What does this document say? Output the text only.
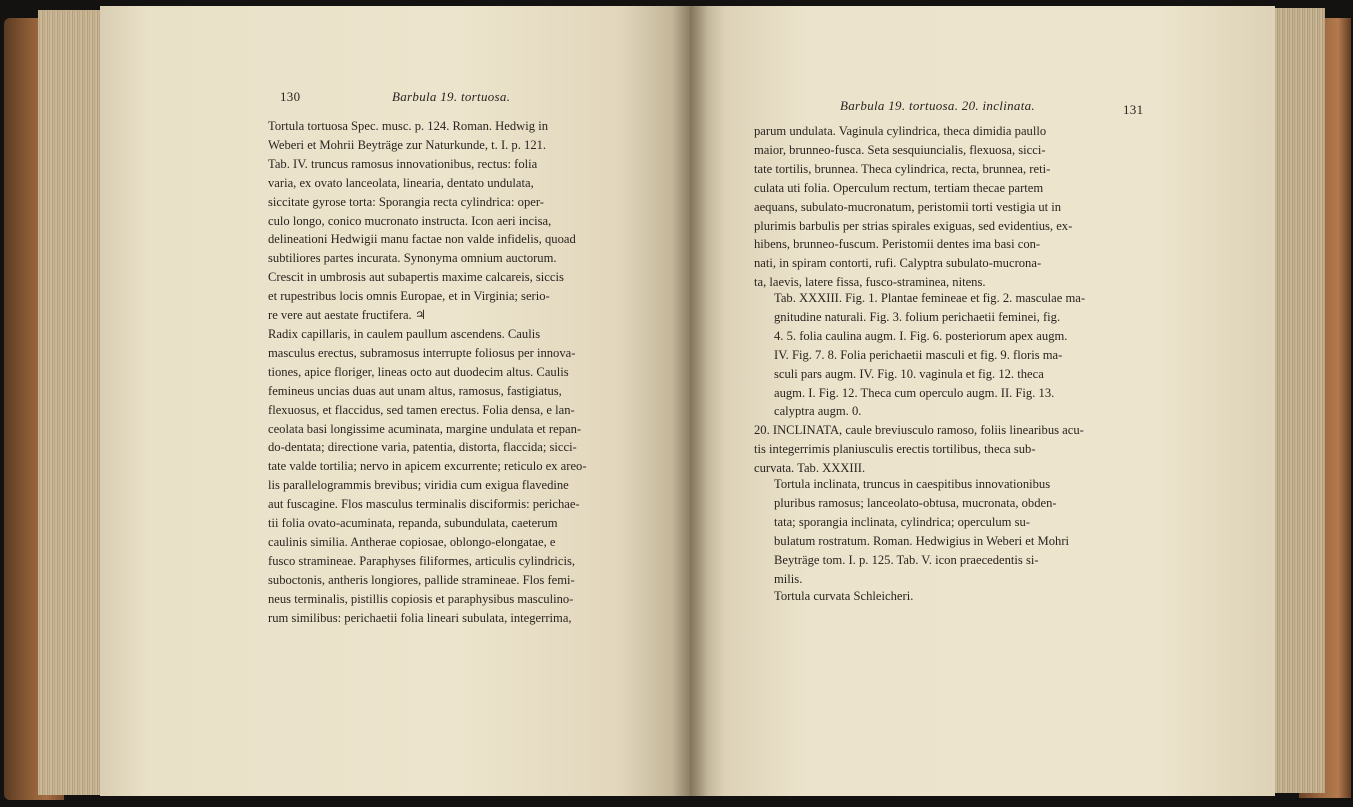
130	Barbula 19. tortuosa.
Tortula tortuosa Spec. musc. p. 124. Roman. Hedwig in
Weberi et Mohrii Beyträge zur Naturkunde, t. I. p. 121.
Tab. IV. truncus ramosus innovationibus, rectus: folia
varia, ex ovato lanceolata, linearia, dentato undulata,
siccitate gyrose torta: Sporangia recta cylindrica: oper-
culo longo, conico mucronato instructa. Icon aeri incisa,
delineationi Hedwigii manu factae non valde infidelis, quoad
subtiliores partes incurata. Synonyma omnium auctorum.
Crescit in umbrosis aut subapertis maxime calcareis, siccis
et rupestribus locis omnis Europae, et in Virginia; serio-
re vere aut aestate fructifera. ♃
Radix capillaris, in caulem paullum ascendens. Caulis
masculus erectus, subramosus interrupte foliosus per innova-
tiones, apice floriger, lineas octo aut duodecim altus. Caulis
femineus uncias duas aut unam altus, ramosus, fastigiatus,
flexuosus, et flaccidus, sed tamen erectus. Folia densa, e lan-
ceolata basi longissime acuminata, margine undulata et repan-
do-dentata; directione varia, patentia, distorta, flaccida; sicci-
tate valde tortilia; nervo in apicem excurrente; reticulo ex areo-
lis parallelogrammis brevibus; viridia cum exigua flavedine
aut fuscagine. Flos masculus terminalis disciformis: perichae-
tii folia ovato-acuminata, repanda, subundulata, caeterum
caulinis similia. Antherae copiosae, oblongo-elongatae, e
fusco stramineae. Paraphyses filiformes, articulis cylindricis,
suboctonis, antheris longiores, pallide stramineae. Flos femi-
neus terminalis, pistillis copiosis et paraphysibus masculino-
rum similibus: perichaetii folia lineari subulata, integerrima,
Barbula 19. tortuosa. 20. inclinata.	131
parum undulata. Vaginula cylindrica, theca dimidia paullo
maior, brunneo-fusca. Seta sesquiuncialis, flexuosa, sicci-
tate tortilis, brunnea. Theca cylindrica, recta, brunnea, reti-
culata uti folia. Operculum rectum, tertiam thecae partem
aequans, subulato-mucronatum, peristomii torti vestigia ut in
plurimis barbulis per strias spirales exiguas, sed evidentius, ex-
hibens, brunneo-fuscum. Peristomii dentes ima basi con-
nati, in spiram contorti, rufi. Calyptra subulato-mucrona-
ta, laevis, latere fissa, fusco-straminea, nitens.
Tab. XXXIII. Fig. 1. Plantae femineae et fig. 2. masculae ma-
gnitudine naturali. Fig. 3. folium perichaetii feminei, fig.
4. 5. folia caulina augm. I. Fig. 6. posteriorum apex augm.
IV. Fig. 7. 8. Folia perichaetii masculi et fig. 9. floris ma-
sculi pars augm. IV. Fig. 10. vaginula et fig. 12. theca
augm. I. Fig. 12. Theca cum operculo augm. II. Fig. 13.
calyptra augm. 0.
20. INCLINATA, caule breviusculo ramoso, foliis linearibus acu-
tis integerrimis planiusculis erectis tortilibus, theca sub-
curvata. Tab. XXXIII.
Tortula inclinata, truncus in caespitibus innovationibus
pluribus ramosus; lanceolato-obtusa, mucronata, obden-
tata; sporangia inclinata, cylindrica; operculum su-
bulatum rostratum. Roman. Hedwigius in Weberi et Mohri
Beyträge tom. I. p. 125. Tab. V. icon praecedentis si-
milis.
Tortula curvata Schleicheri.
